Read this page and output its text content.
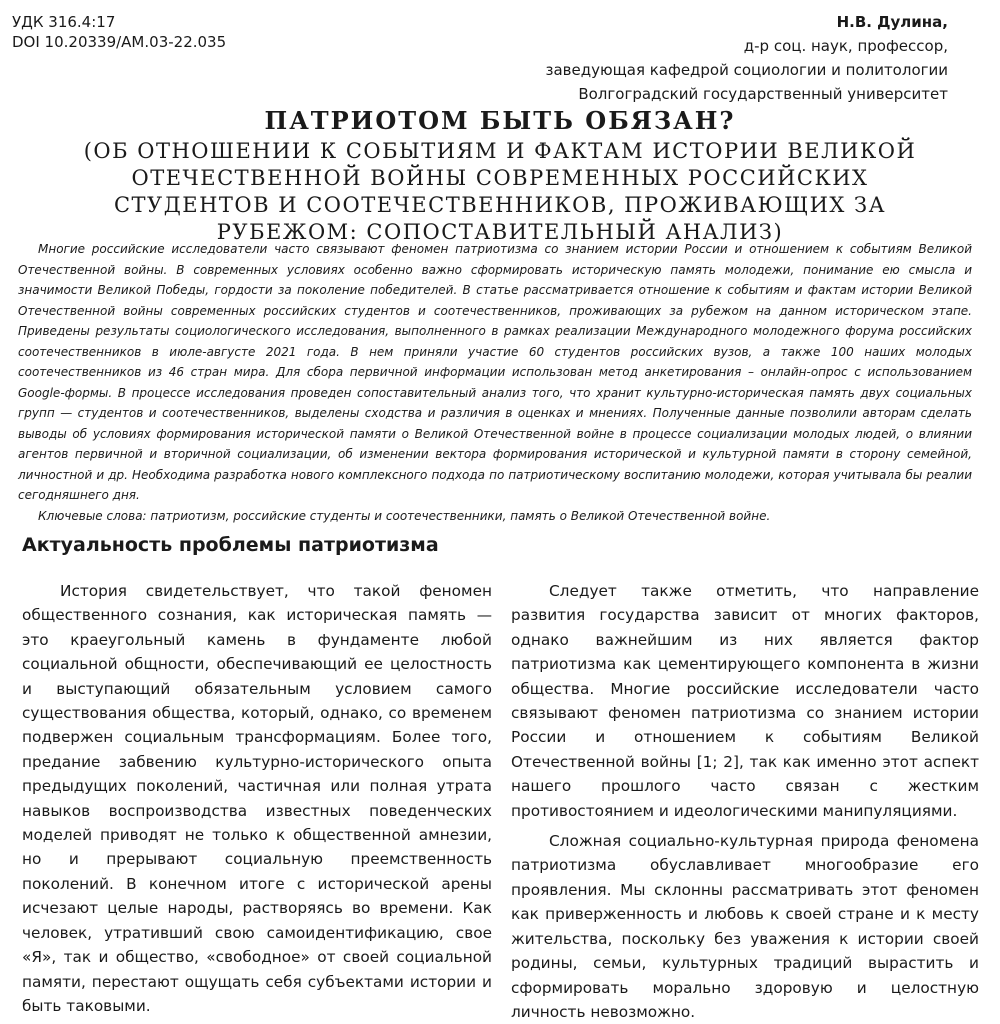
УДК 316.4:17
DOI 10.20339/AM.03-22.035
Н.В. Дулина,
д-р соц. наук, профессор,
заведующая кафедрой социологии и политологии
Волгоградский государственный университет
ПАТРИОТОМ БЫТЬ ОБЯЗАН?
(ОБ ОТНОШЕНИИ К СОБЫТИЯМ И ФАКТАМ ИСТОРИИ ВЕЛИКОЙ ОТЕЧЕСТВЕННОЙ ВОЙНЫ СОВРЕМЕННЫХ РОССИЙСКИХ СТУДЕНТОВ И СООТЕЧЕСТВЕННИКОВ, ПРОЖИВАЮЩИХ ЗА РУБЕЖОМ: СОПОСТАВИТЕЛЬНЫЙ АНАЛИЗ)

Многие российские исследователи часто связывают феномен патриотизма со знанием истории России и отношением к событиям Великой Отечественной войны. В современных условиях особенно важно сформировать историческую память молодежи, понимание ею смысла и значимости Великой Победы, гордости за поколение победителей. В статье рассматривается отношение к событиям и фактам истории Великой Отечественной войны современных российских студентов и соотечественников, проживающих за рубежом на данном историческом этапе. Приведены результаты социологического исследования, выполненного в рамках реализации Международного молодежного форума российских соотечественников в июле-августе 2021 года. В нем приняли участие 60 студентов российских вузов, а также 100 наших молодых соотечественников из 46 стран мира. Для сбора первичной информации использован метод анкетирования – онлайн-опрос с использованием Google-формы. В процессе исследования проведен сопоставительный анализ того, что хранит культурно-историческая память двух социальных групп — студентов и соотечественников, выделены сходства и различия в оценках и мнениях. Полученные данные позволили авторам сделать выводы об условиях формирования исторической памяти о Великой Отечественной войне в процессе социализации молодых людей, о влиянии агентов первичной и вторичной социализации, об изменении вектора формирования исторической и культурной памяти в сторону семейной, личностной и др. Необходима разработка нового комплексного подхода по патриотическому воспитанию молодежи, которая учитывала бы реалии сегодняшнего дня.

Ключевые слова: патриотизм, российские студенты и соотечественники, память о Великой Отечественной войне.

Актуальность проблемы патриотизма

История свидетельствует, что такой феномен общественного сознания, как историческая память — это краеугольный камень в фундаменте любой социальной общности, обеспечивающий ее целостность и выступающий обязательным условием самого существования общества, который, однако, со временем подвержен социальным трансформациям. Более того, предание забвению культурно-исторического опыта предыдущих поколений, частичная или полная утрата навыков воспроизводства известных поведенческих моделей приводят не только к общественной амнезии, но и прерывают социальную преемственность поколений. В конечном итоге с исторической арены исчезают целые народы, растворяясь во времени. Как человек, утративший свою самоидентификацию, свое «Я», так и общество, «свободное» от своей социальной памяти, перестают ощущать себя субъектами истории и быть таковыми.

Следует также отметить, что направление развития государства зависит от многих факторов, однако важнейшим из них является фактор патриотизма как цементирующего компонента в жизни общества. Многие российские исследователи часто связывают феномен патриотизма со знанием истории России и отношением к событиям Великой Отечественной войны [1; 2], так как именно этот аспект нашего прошлого часто связан с жестким противостоянием и идеологическими манипуляциями.

Сложная социально-культурная природа феномена патриотизма обуславливает многообразие его проявления. Мы склонны рассматривать этот феномен как приверженность и любовь к своей стране и к месту жительства, поскольку без уважения к истории своей родины, семьи, культурных традиций вырастить и сформировать морально здоровую и целостную личность невозможно.
